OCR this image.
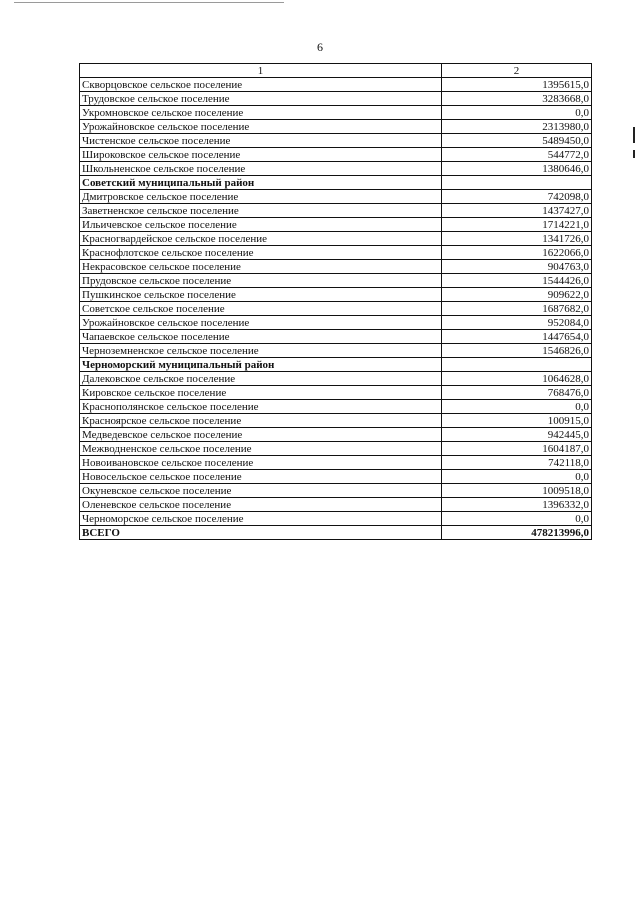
6
1	2
Скворцовское сельское поселение	1395615,0
Трудовское сельское поселение	3283668,0
Укромновское сельское поселение	0,0
Урожайновское сельское поселение	2313980,0
Чистенское сельское поселение	5489450,0
Широковское сельское поселение	544772,0
Школьненское сельское поселение	1380646,0
Советский муниципальный район	
Дмитровское сельское поселение	742098,0
Заветненское сельское поселение	1437427,0
Ильичевское сельское поселение	1714221,0
Красногвардейское сельское поселение	1341726,0
Краснофлотское сельское поселение	1622066,0
Некрасовское сельское поселение	904763,0
Прудовское сельское поселение	1544426,0
Пушкинское сельское поселение	909622,0
Советское сельское поселение	1687682,0
Урожайновское сельское поселение	952084,0
Чапаевское сельское поселение	1447654,0
Черноземненское сельское поселение	1546826,0
Черноморский муниципальный район	
Далековское сельское поселение	1064628,0
Кировское сельское поселение	768476,0
Краснополянское сельское поселение	0,0
Красноярское сельское поселение	100915,0
Медведевское сельское поселение	942445,0
Межводненское сельское поселение	1604187,0
Новоивановское сельское поселение	742118,0
Новосельское сельское поселение	0,0
Окуневское сельское поселение	1009518,0
Оленевское сельское поселение	1396332,0
Черноморское сельское поселение	0,0
ВСЕГО	478213996,0
